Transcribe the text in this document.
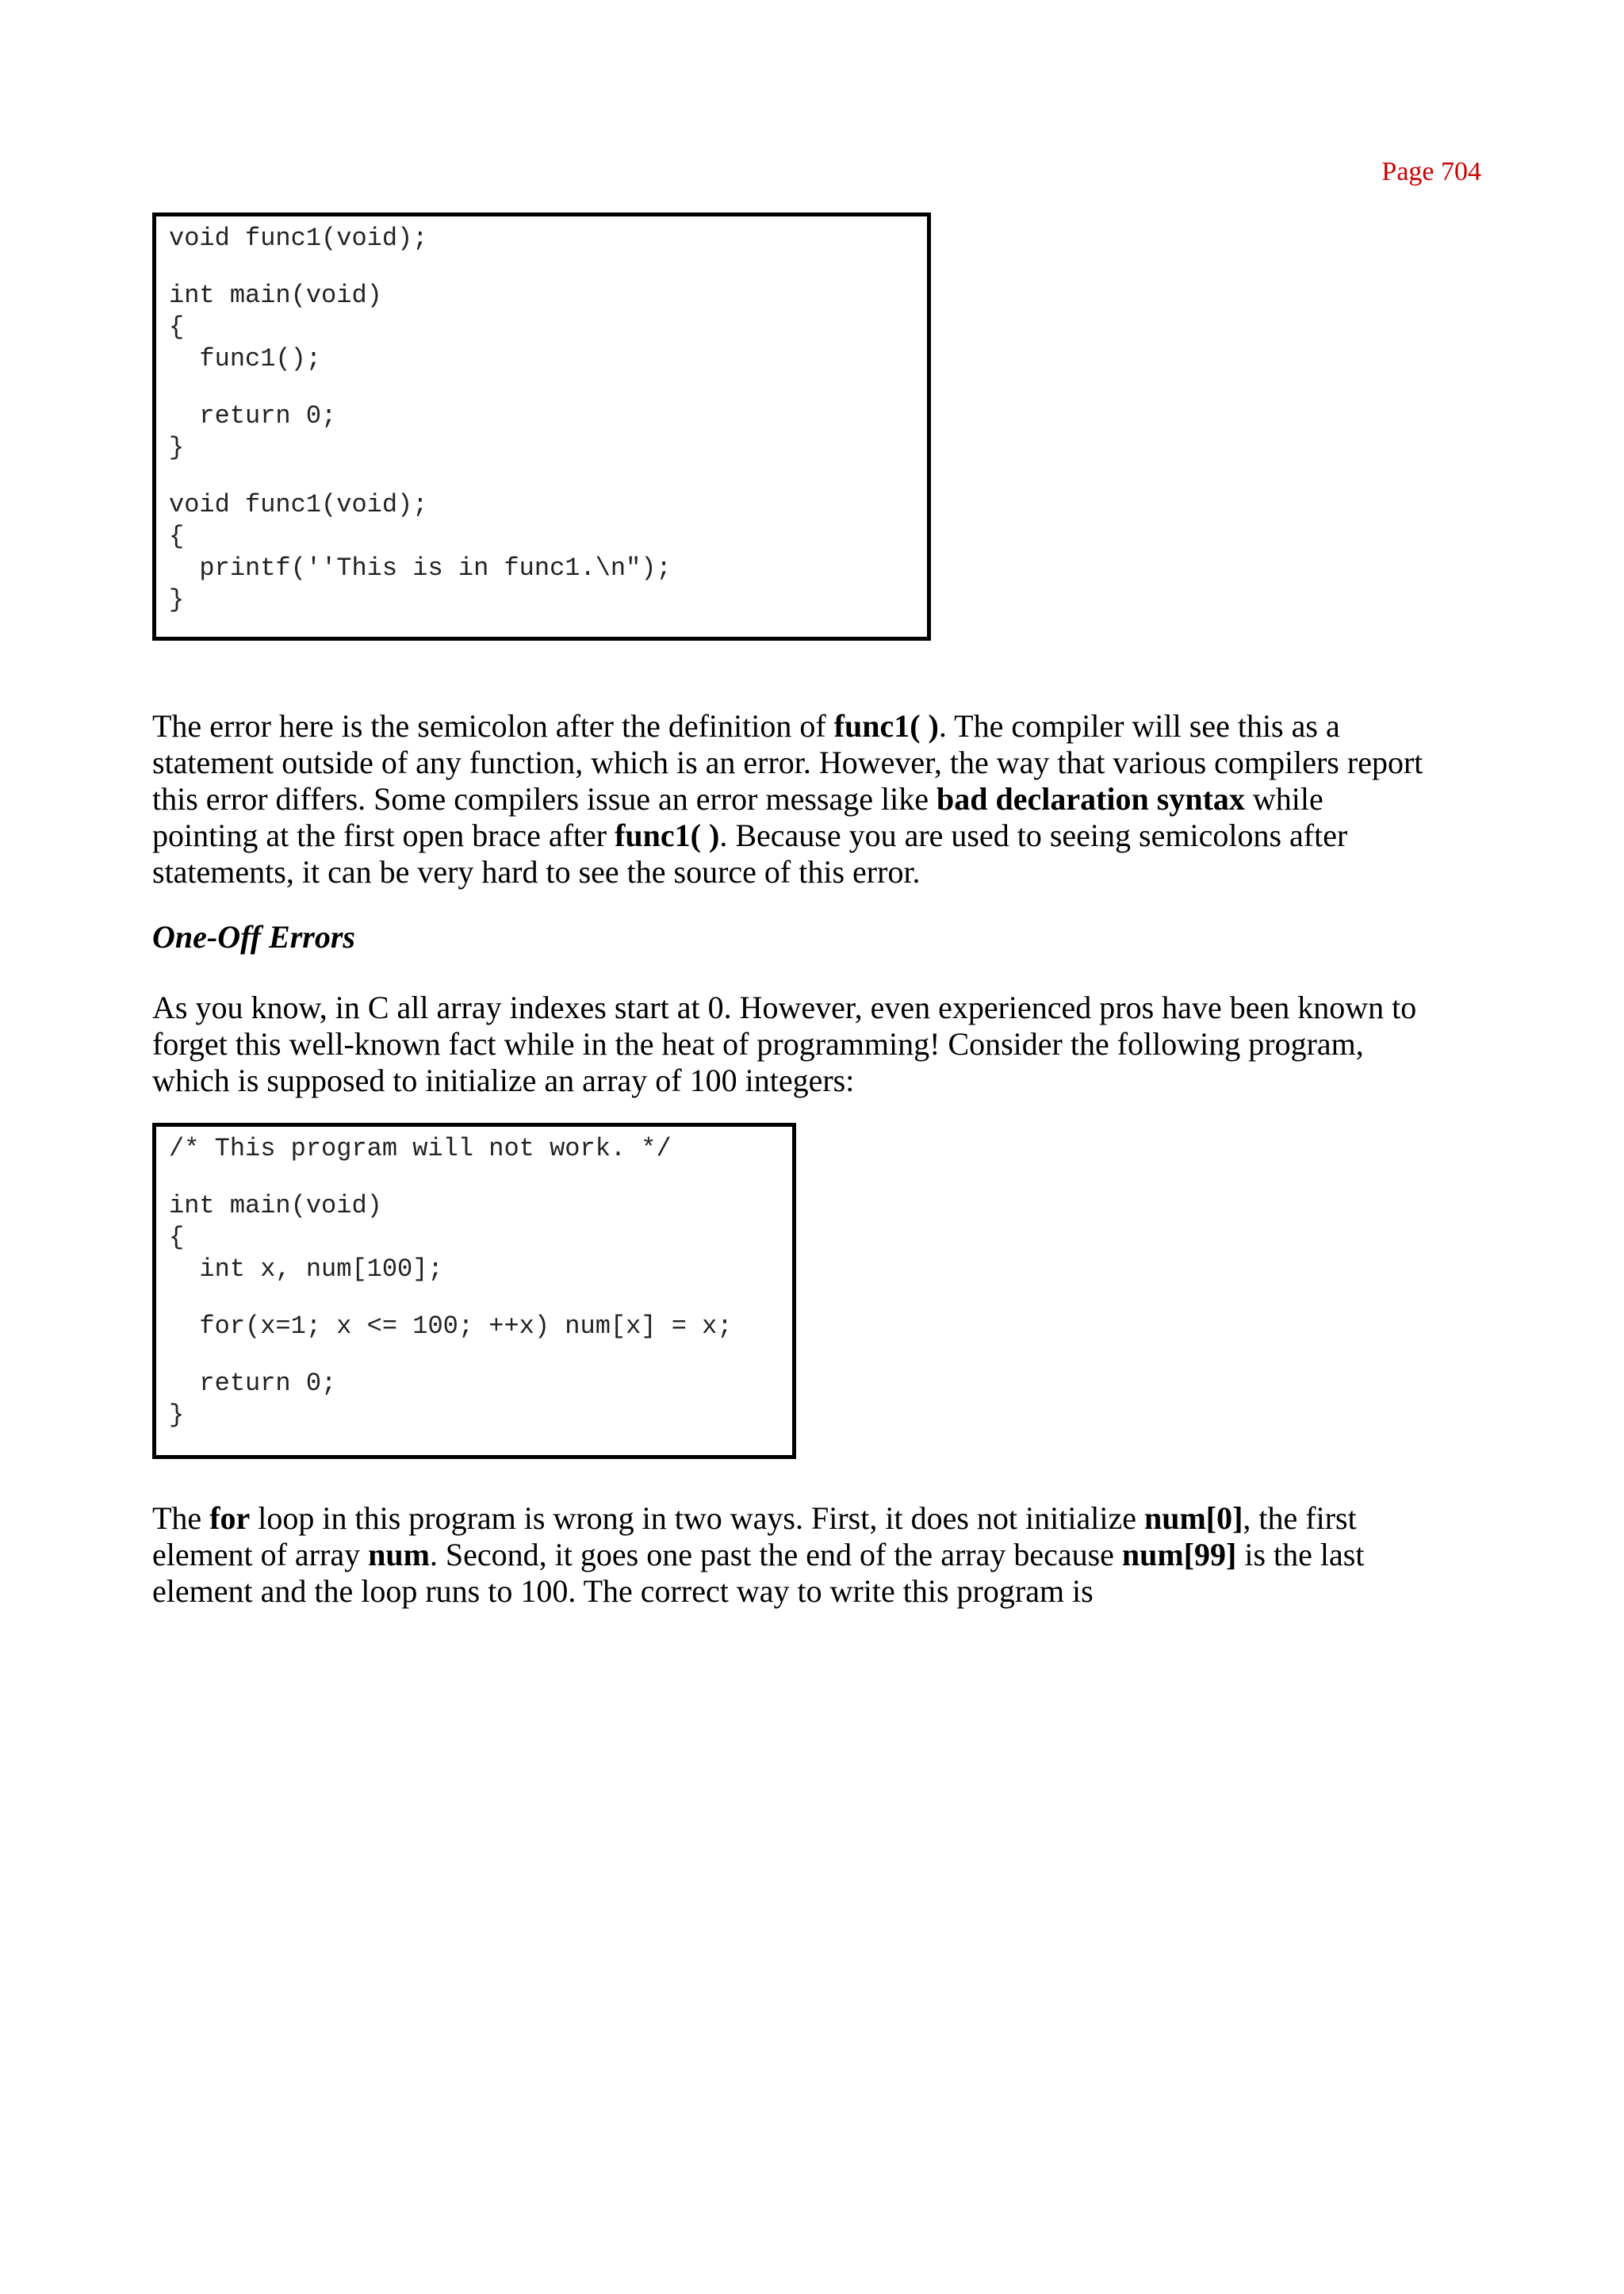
Page 704
void func1(void);
int main(void)
{
func1();
return 0;
}
void func1(void);
{
printf(''This is in func1.\n");
}
The error here is the semicolon after the definition of func1( ). The compiler will see this as a
statement outside of any function, which is an error. However, the way that various compilers report
this error differs. Some compilers issue an error message like bad declaration syntax while
pointing at the first open brace after func1( ). Because you are used to seeing semicolons after
statements, it can be very hard to see the source of this error.
One-Off Errors
As you know, in C all array indexes start at 0. However, even experienced pros have been known to
forget this well-known fact while in the heat of programming! Consider the following program,
which is supposed to initialize an array of 100 integers:
/* This program will not work. */
int main(void)
{
int x, num[100];
for(x=1; x <= 100; ++x) num[x] = x;
return 0;
}
The for loop in this program is wrong in two ways. First, it does not initialize num[0], the first
element of array num. Second, it goes one past the end of the array because num[99] is the last
element and the loop runs to 100. The correct way to write this program is
